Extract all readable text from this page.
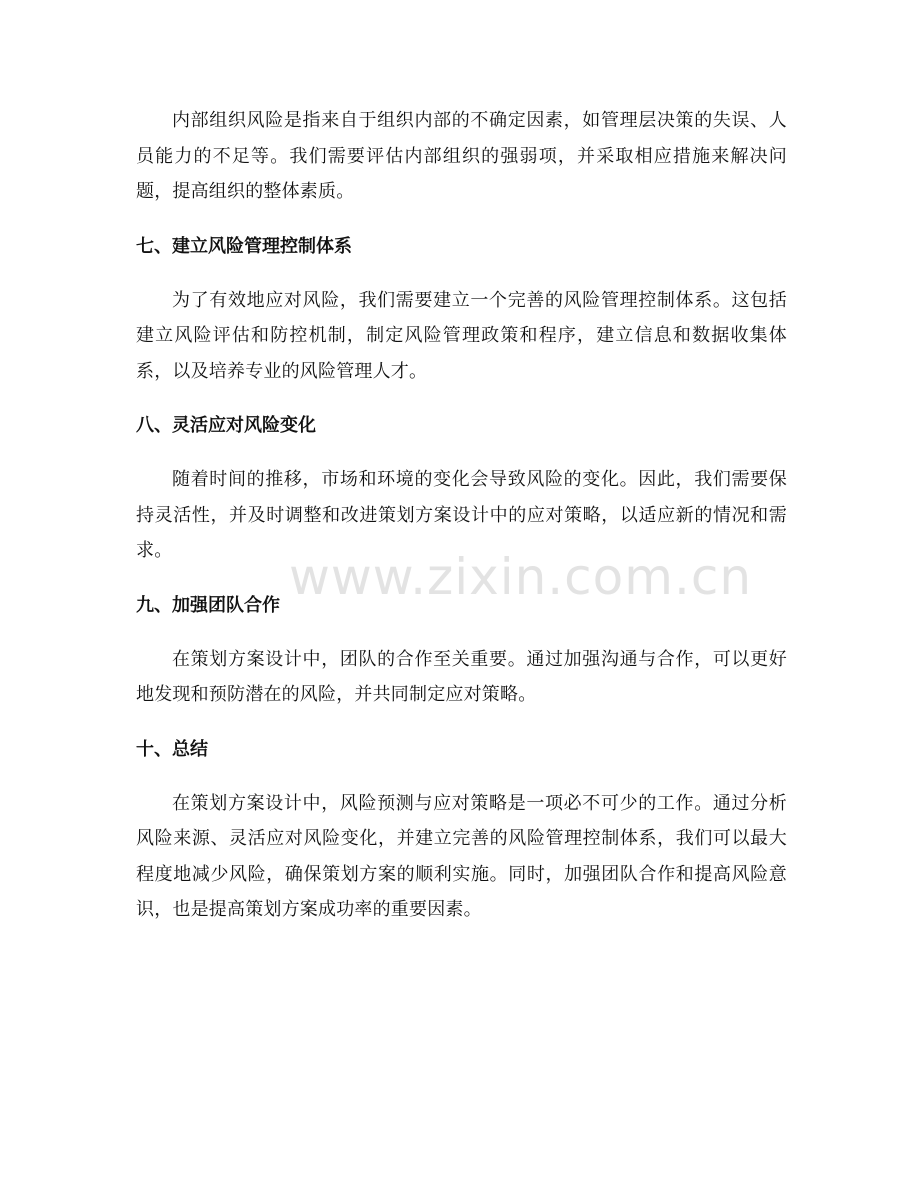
www.zixin.com.cn

内部组织风险是指来自于组织内部的不确定因素，如管理层决策的失误、人员能力的不足等。我们需要评估内部组织的强弱项，并采取相应措施来解决问题，提高组织的整体素质。

七、建立风险管理控制体系

为了有效地应对风险，我们需要建立一个完善的风险管理控制体系。这包括建立风险评估和防控机制，制定风险管理政策和程序，建立信息和数据收集体系，以及培养专业的风险管理人才。

八、灵活应对风险变化

随着时间的推移，市场和环境的变化会导致风险的变化。因此，我们需要保持灵活性，并及时调整和改进策划方案设计中的应对策略，以适应新的情况和需求。

九、加强团队合作

在策划方案设计中，团队的合作至关重要。通过加强沟通与合作，可以更好地发现和预防潜在的风险，并共同制定应对策略。

十、总结

在策划方案设计中，风险预测与应对策略是一项必不可少的工作。通过分析风险来源、灵活应对风险变化，并建立完善的风险管理控制体系，我们可以最大程度地减少风险，确保策划方案的顺利实施。同时，加强团队合作和提高风险意识，也是提高策划方案成功率的重要因素。
